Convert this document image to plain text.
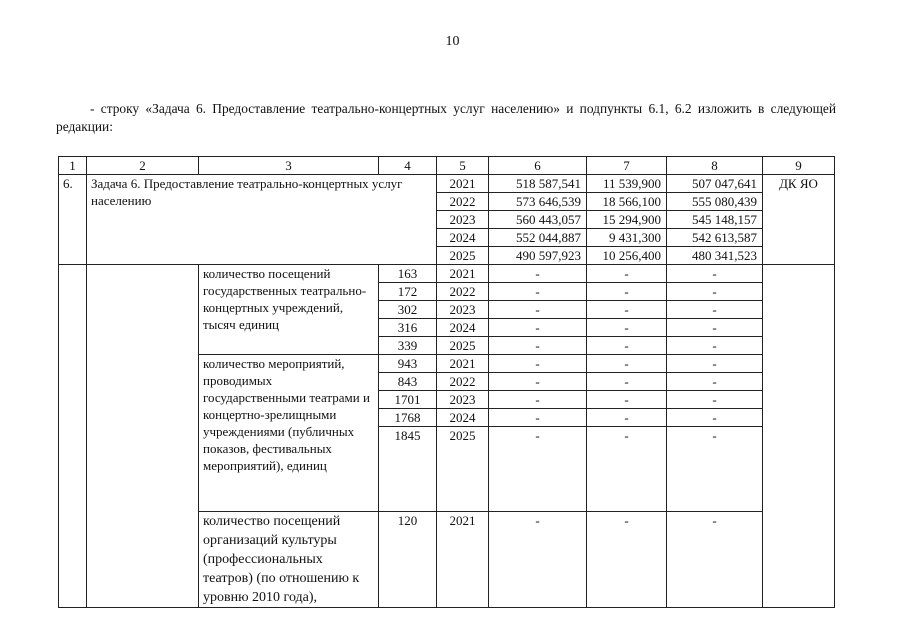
10
- строку «Задача 6. Предоставление театрально-концертных услуг населению» и подпункты 6.1, 6.2 изложить в следующей редакции:
1	2	3	4	5	6	7	8	9
6.	Задача 6. Предоставление театрально-концертных услуг населению			2021	518 587,541	11 539,900	507 047,641	ДК ЯО
				2022	573 646,539	18 566,100	555 080,439	
				2023	560 443,057	15 294,900	545 148,157	
				2024	552 044,887	9 431,300	542 613,587	
				2025	490 597,923	10 256,400	480 341,523	
		количество посещений государственных театрально-концертных учреждений, тысяч единиц	163	2021	-	-	-	
			172	2022	-	-	-	
			302	2023	-	-	-	
			316	2024	-	-	-	
			339	2025	-	-	-	
		количество мероприятий, проводимых государственными театрами и концертно-зрелищными учреждениями (публичных показов, фестивальных мероприятий), единиц	943	2021	-	-	-	
			843	2022	-	-	-	
			1701	2023	-	-	-	
			1768	2024	-	-	-	
			1845	2025	-	-	-	
		количество посещений организаций культуры (профессиональных театров) (по отношению к уровню 2010 года),	120	2021	-	-	-	
